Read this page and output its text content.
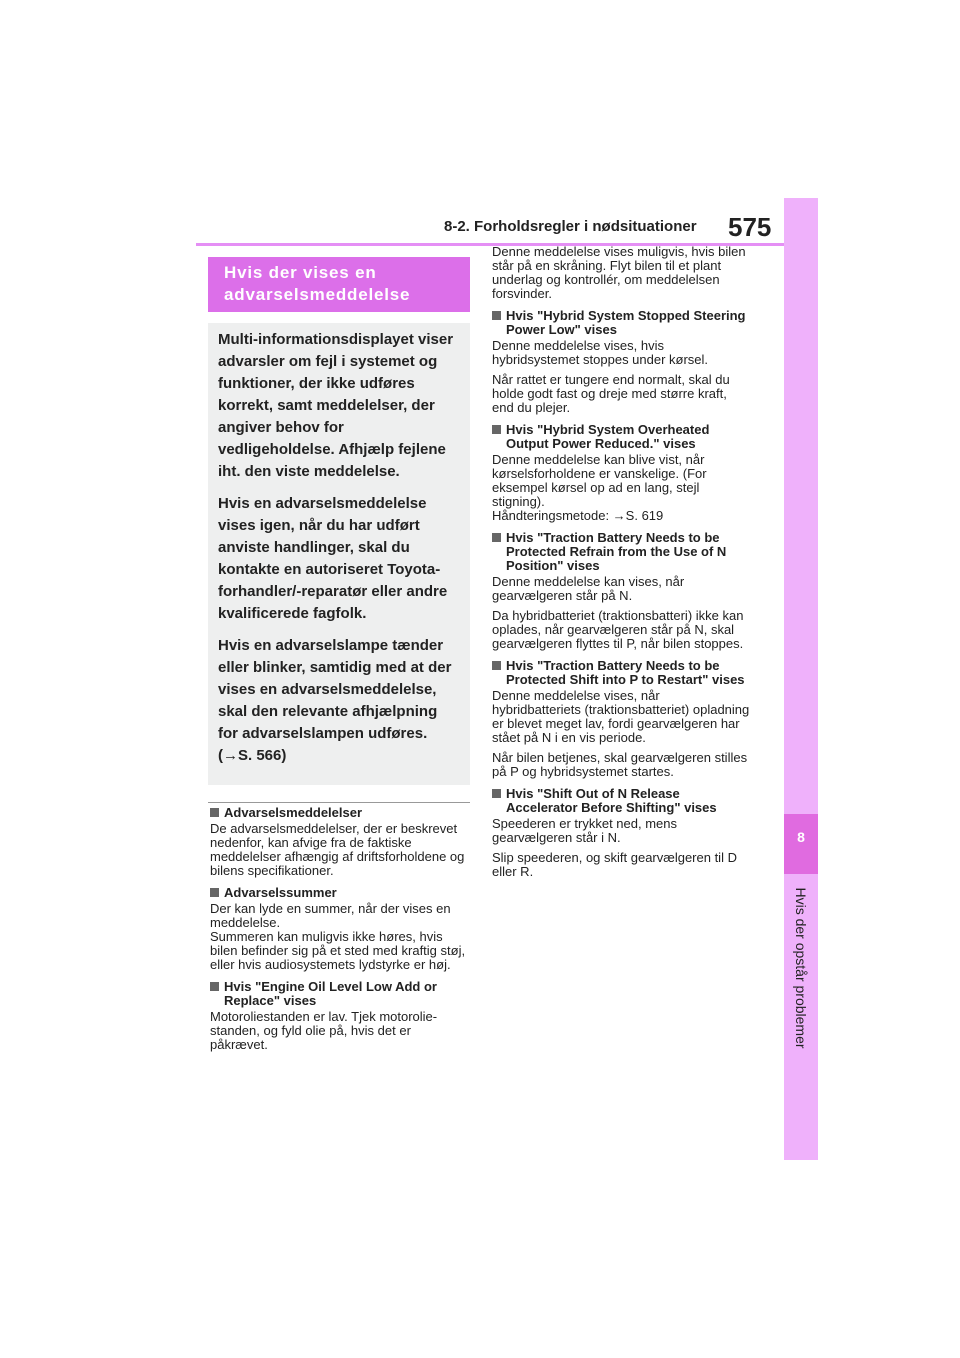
8-2. Forholdsregler i nødsituationer 575
8
Hvis der opstår problemer
Hvis der vises en
advarselsmeddelelse

Multi-informationsdisplayet viser advarsler om fejl i systemet og funktioner, der ikke udføres korrekt, samt meddelelser, der angiver behov for vedligeholdelse. Afhjælp fejlene iht. den viste meddelelse.

Hvis en advarselsmeddelelse vises igen, når du har udført anviste handlinger, skal du kontakte en autoriseret Toyota-forhandler/-reparatør eller andre kvalificerede fagfolk.

Hvis en advarselslampe tænder eller blinker, samtidig med at der vises en advarselsmeddelelse, skal den relevante afhjælpning for advarselslampen udføres. (→S. 566)

Advarselsmeddelelser

De advarselsmeddelelser, der er beskrevet nedenfor, kan afvige fra de faktiske meddelelser afhængig af driftsforholdene og bilens specifikationer.

Advarselssummer

Der kan lyde en summer, når der vises en meddelelse.

Summeren kan muligvis ikke høres, hvis bilen befinder sig på et sted med kraftig støj, eller hvis audiosystemets lydstyrke er høj.

Hvis "Engine Oil Level Low Add or Replace" vises

Motoroliestanden er lav. Tjek motoroliestanden, og fyld olie på, hvis det er påkrævet.

Denne meddelelse vises muligvis, hvis bilen står på en skråning. Flyt bilen til et plant underlag og kontrollér, om meddelelsen forsvinder.

Hvis "Hybrid System Stopped Steering Power Low" vises

Denne meddelelse vises, hvis hybridsystemet stoppes under kørsel.

Når rattet er tungere end normalt, skal du holde godt fast og dreje med større kraft, end du plejer.

Hvis "Hybrid System Overheated Output Power Reduced." vises

Denne meddelelse kan blive vist, når kørselsforholdene er vanskelige. (For eksempel kørsel op ad en lang, stejl stigning).

Håndteringsmetode: →S. 619

Hvis "Traction Battery Needs to be Protected Refrain from the Use of N Position" vises

Denne meddelelse kan vises, når gearvælgeren står på N.

Da hybridbatteriet (traktionsbatteri) ikke kan oplades, når gearvælgeren står på N, skal gearvælgeren flyttes til P, når bilen stoppes.

Hvis "Traction Battery Needs to be Protected Shift into P to Restart" vises

Denne meddelelse vises, når hybridbatteriets (traktionsbatteriet) opladning er blevet meget lav, fordi gearvælgeren har stået på N i en vis periode.

Når bilen betjenes, skal gearvælgeren stilles på P og hybridsystemet startes.

Hvis "Shift Out of N Release Accelerator Before Shifting" vises

Speederen er trykket ned, mens gearvælgeren står i N.

Slip speederen, og skift gearvælgeren til D eller R.
